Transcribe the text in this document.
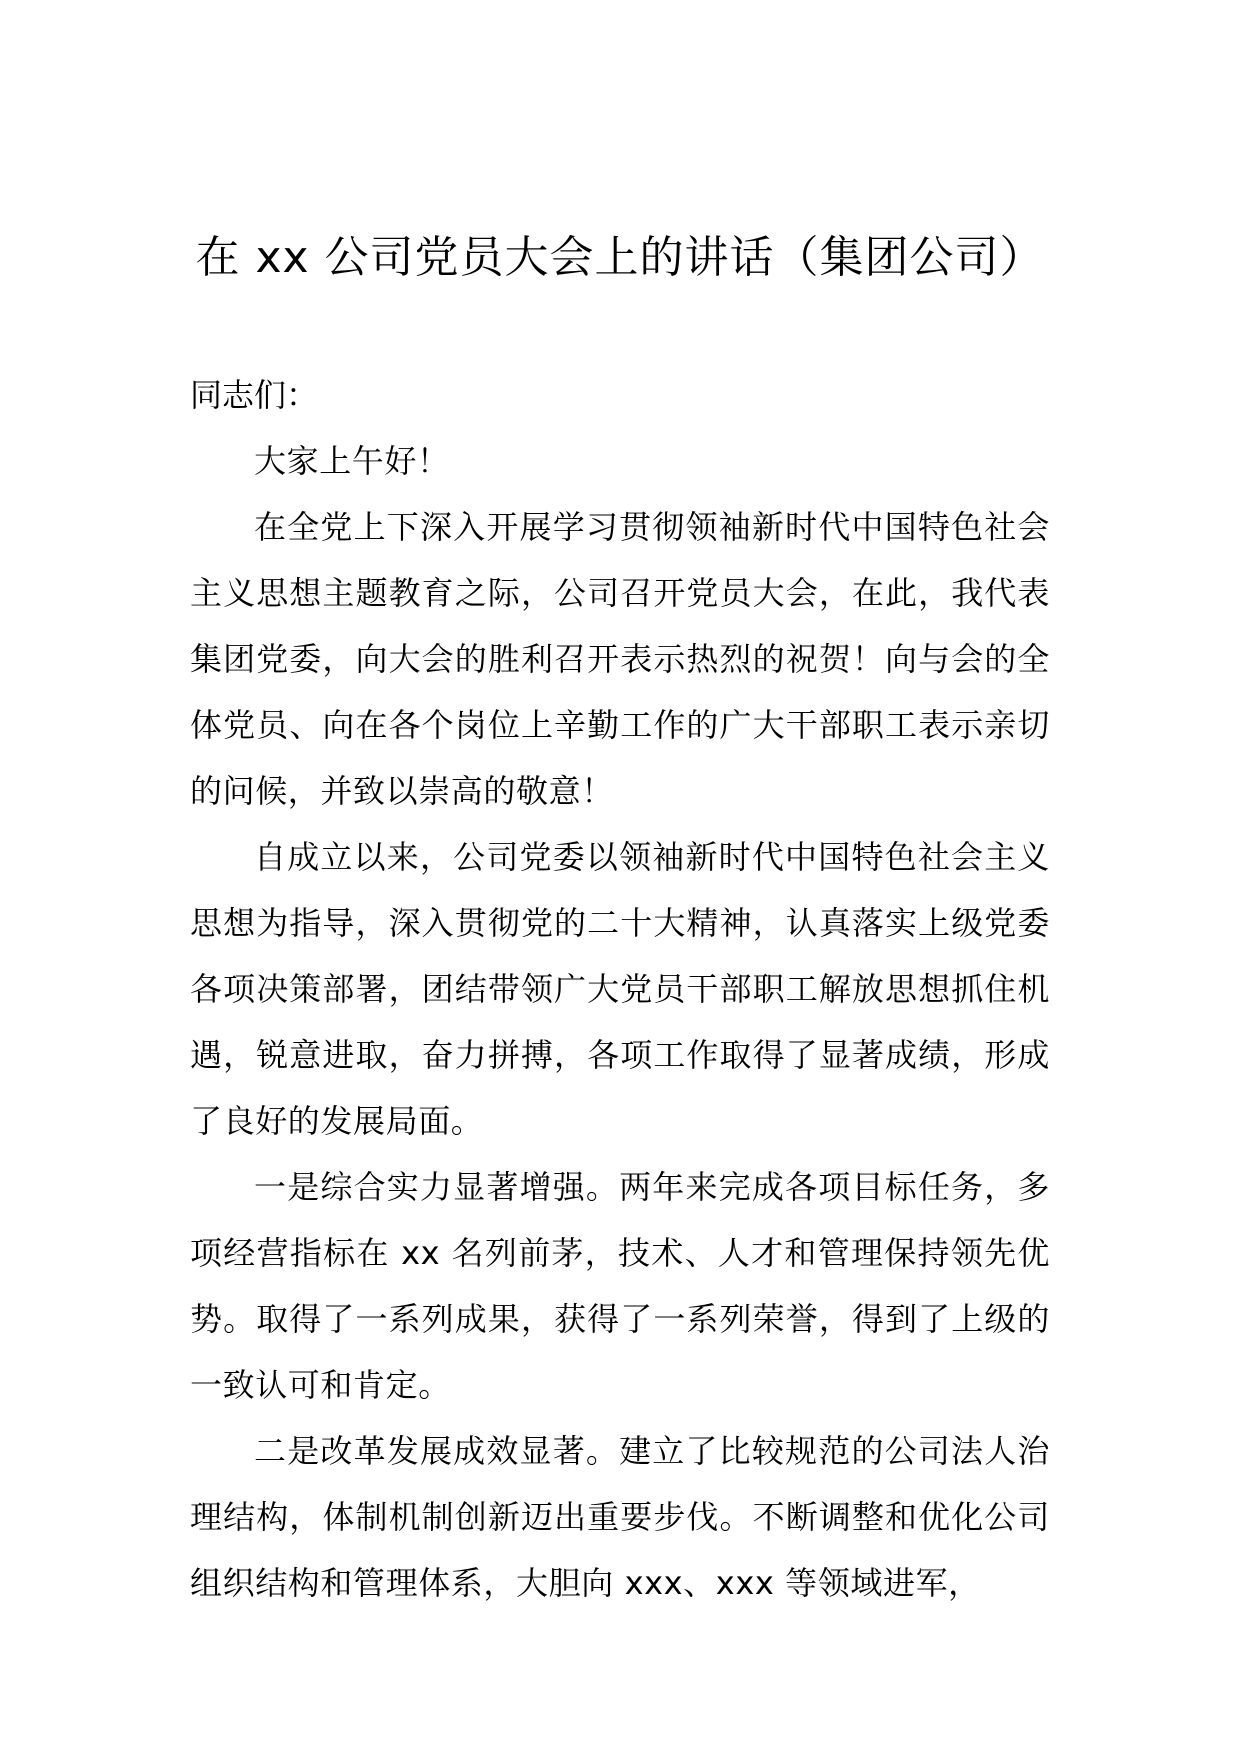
在 xx 公司党员大会上的讲话（集团公司）

同志们：

大家上午好！

在全党上下深入开展学习贯彻领袖新时代中国特色社会主义思想主题教育之际，公司召开党员大会，在此，我代表集团党委，向大会的胜利召开表示热烈的祝贺！向与会的全体党员、向在各个岗位上辛勤工作的广大干部职工表示亲切的问候，并致以崇高的敬意！

自成立以来，公司党委以领袖新时代中国特色社会主义思想为指导，深入贯彻党的二十大精神，认真落实上级党委各项决策部署，团结带领广大党员干部职工解放思想抓住机遇，锐意进取，奋力拼搏，各项工作取得了显著成绩，形成了良好的发展局面。

一是综合实力显著增强。两年来完成各项目标任务，多项经营指标在 xx 名列前茅，技术、人才和管理保持领先优势。取得了一系列成果，获得了一系列荣誉，得到了上级的一致认可和肯定。

二是改革发展成效显著。建立了比较规范的公司法人治理结构，体制机制创新迈出重要步伐。不断调整和优化公司组织结构和管理体系，大胆向 xxx、xxx 等领域进军，
